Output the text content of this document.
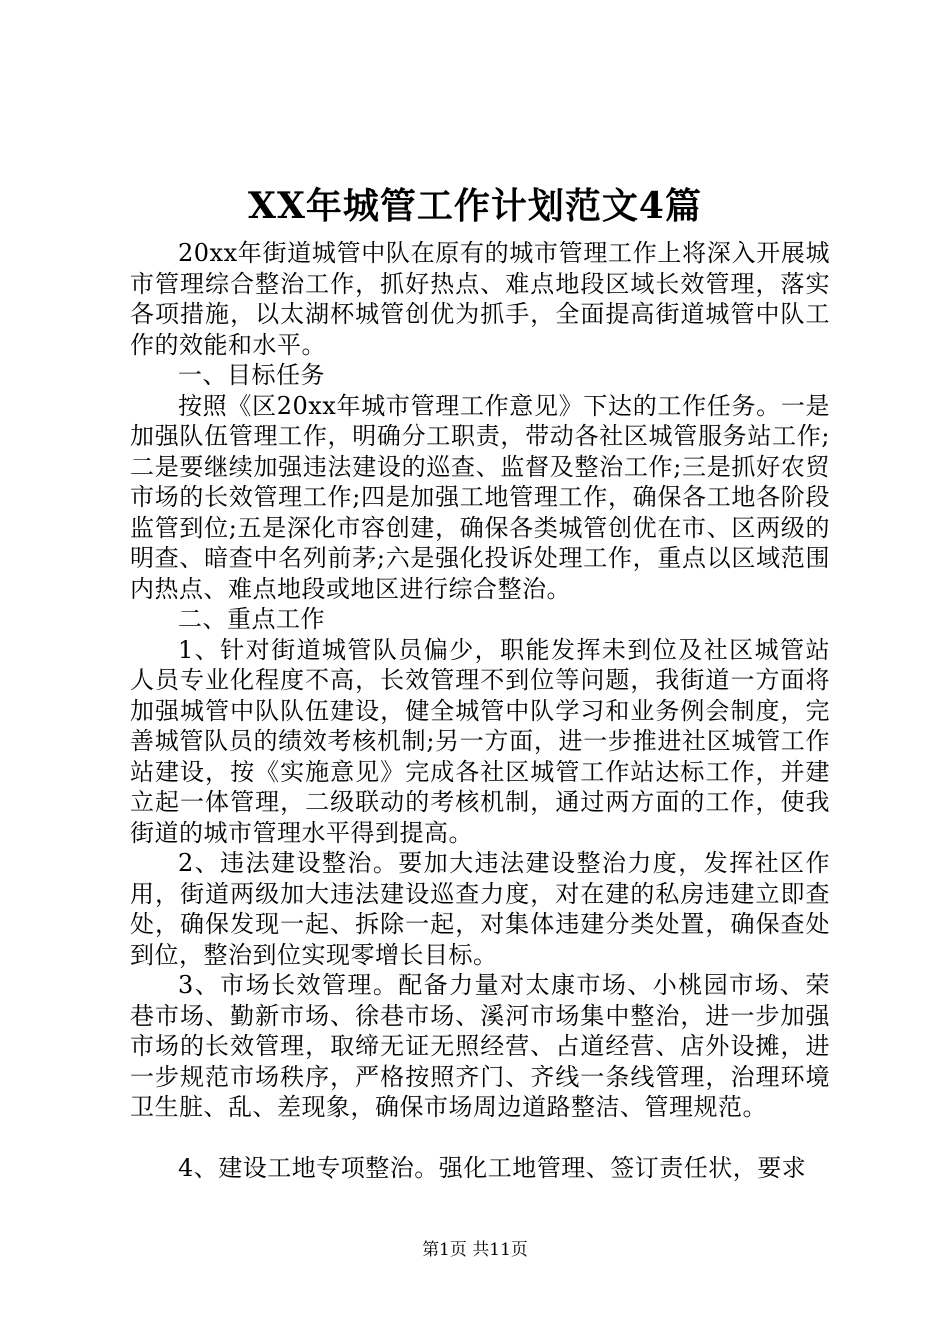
XX年城管工作计划范文4篇

20xx年街道城管中队在原有的城市管理工作上将深入开展城市管理综合整治工作，抓好热点、难点地段区域长效管理，落实各项措施，以太湖杯城管创优为抓手，全面提高街道城管中队工作的效能和水平。

一、目标任务

按照《区20xx年城市管理工作意见》下达的工作任务。一是加强队伍管理工作，明确分工职责，带动各社区城管服务站工作;二是要继续加强违法建设的巡查、监督及整治工作;三是抓好农贸市场的长效管理工作;四是加强工地管理工作，确保各工地各阶段监管到位;五是深化市容创建，确保各类城管创优在市、区两级的明查、暗查中名列前茅;六是强化投诉处理工作，重点以区域范围内热点、难点地段或地区进行综合整治。

二、重点工作

1、针对街道城管队员偏少，职能发挥未到位及社区城管站人员专业化程度不高，长效管理不到位等问题，我街道一方面将加强城管中队队伍建设，健全城管中队学习和业务例会制度，完善城管队员的绩效考核机制;另一方面，进一步推进社区城管工作站建设，按《实施意见》完成各社区城管工作站达标工作，并建立起一体管理，二级联动的考核机制，通过两方面的工作，使我街道的城市管理水平得到提高。

2、违法建设整治。要加大违法建设整治力度，发挥社区作用，街道两级加大违法建设巡查力度，对在建的私房违建立即查处，确保发现一起、拆除一起，对集体违建分类处置，确保查处到位，整治到位实现零增长目标。

3、市场长效管理。配备力量对太康市场、小桃园市场、荣巷市场、勤新市场、徐巷市场、溪河市场集中整治，进一步加强市场的长效管理，取缔无证无照经营、占道经营、店外设摊，进一步规范市场秩序，严格按照齐门、齐线一条线管理，治理环境卫生脏、乱、差现象，确保市场周边道路整洁、管理规范。

4、建设工地专项整治。强化工地管理、签订责任状，要求

第1页 共11页
